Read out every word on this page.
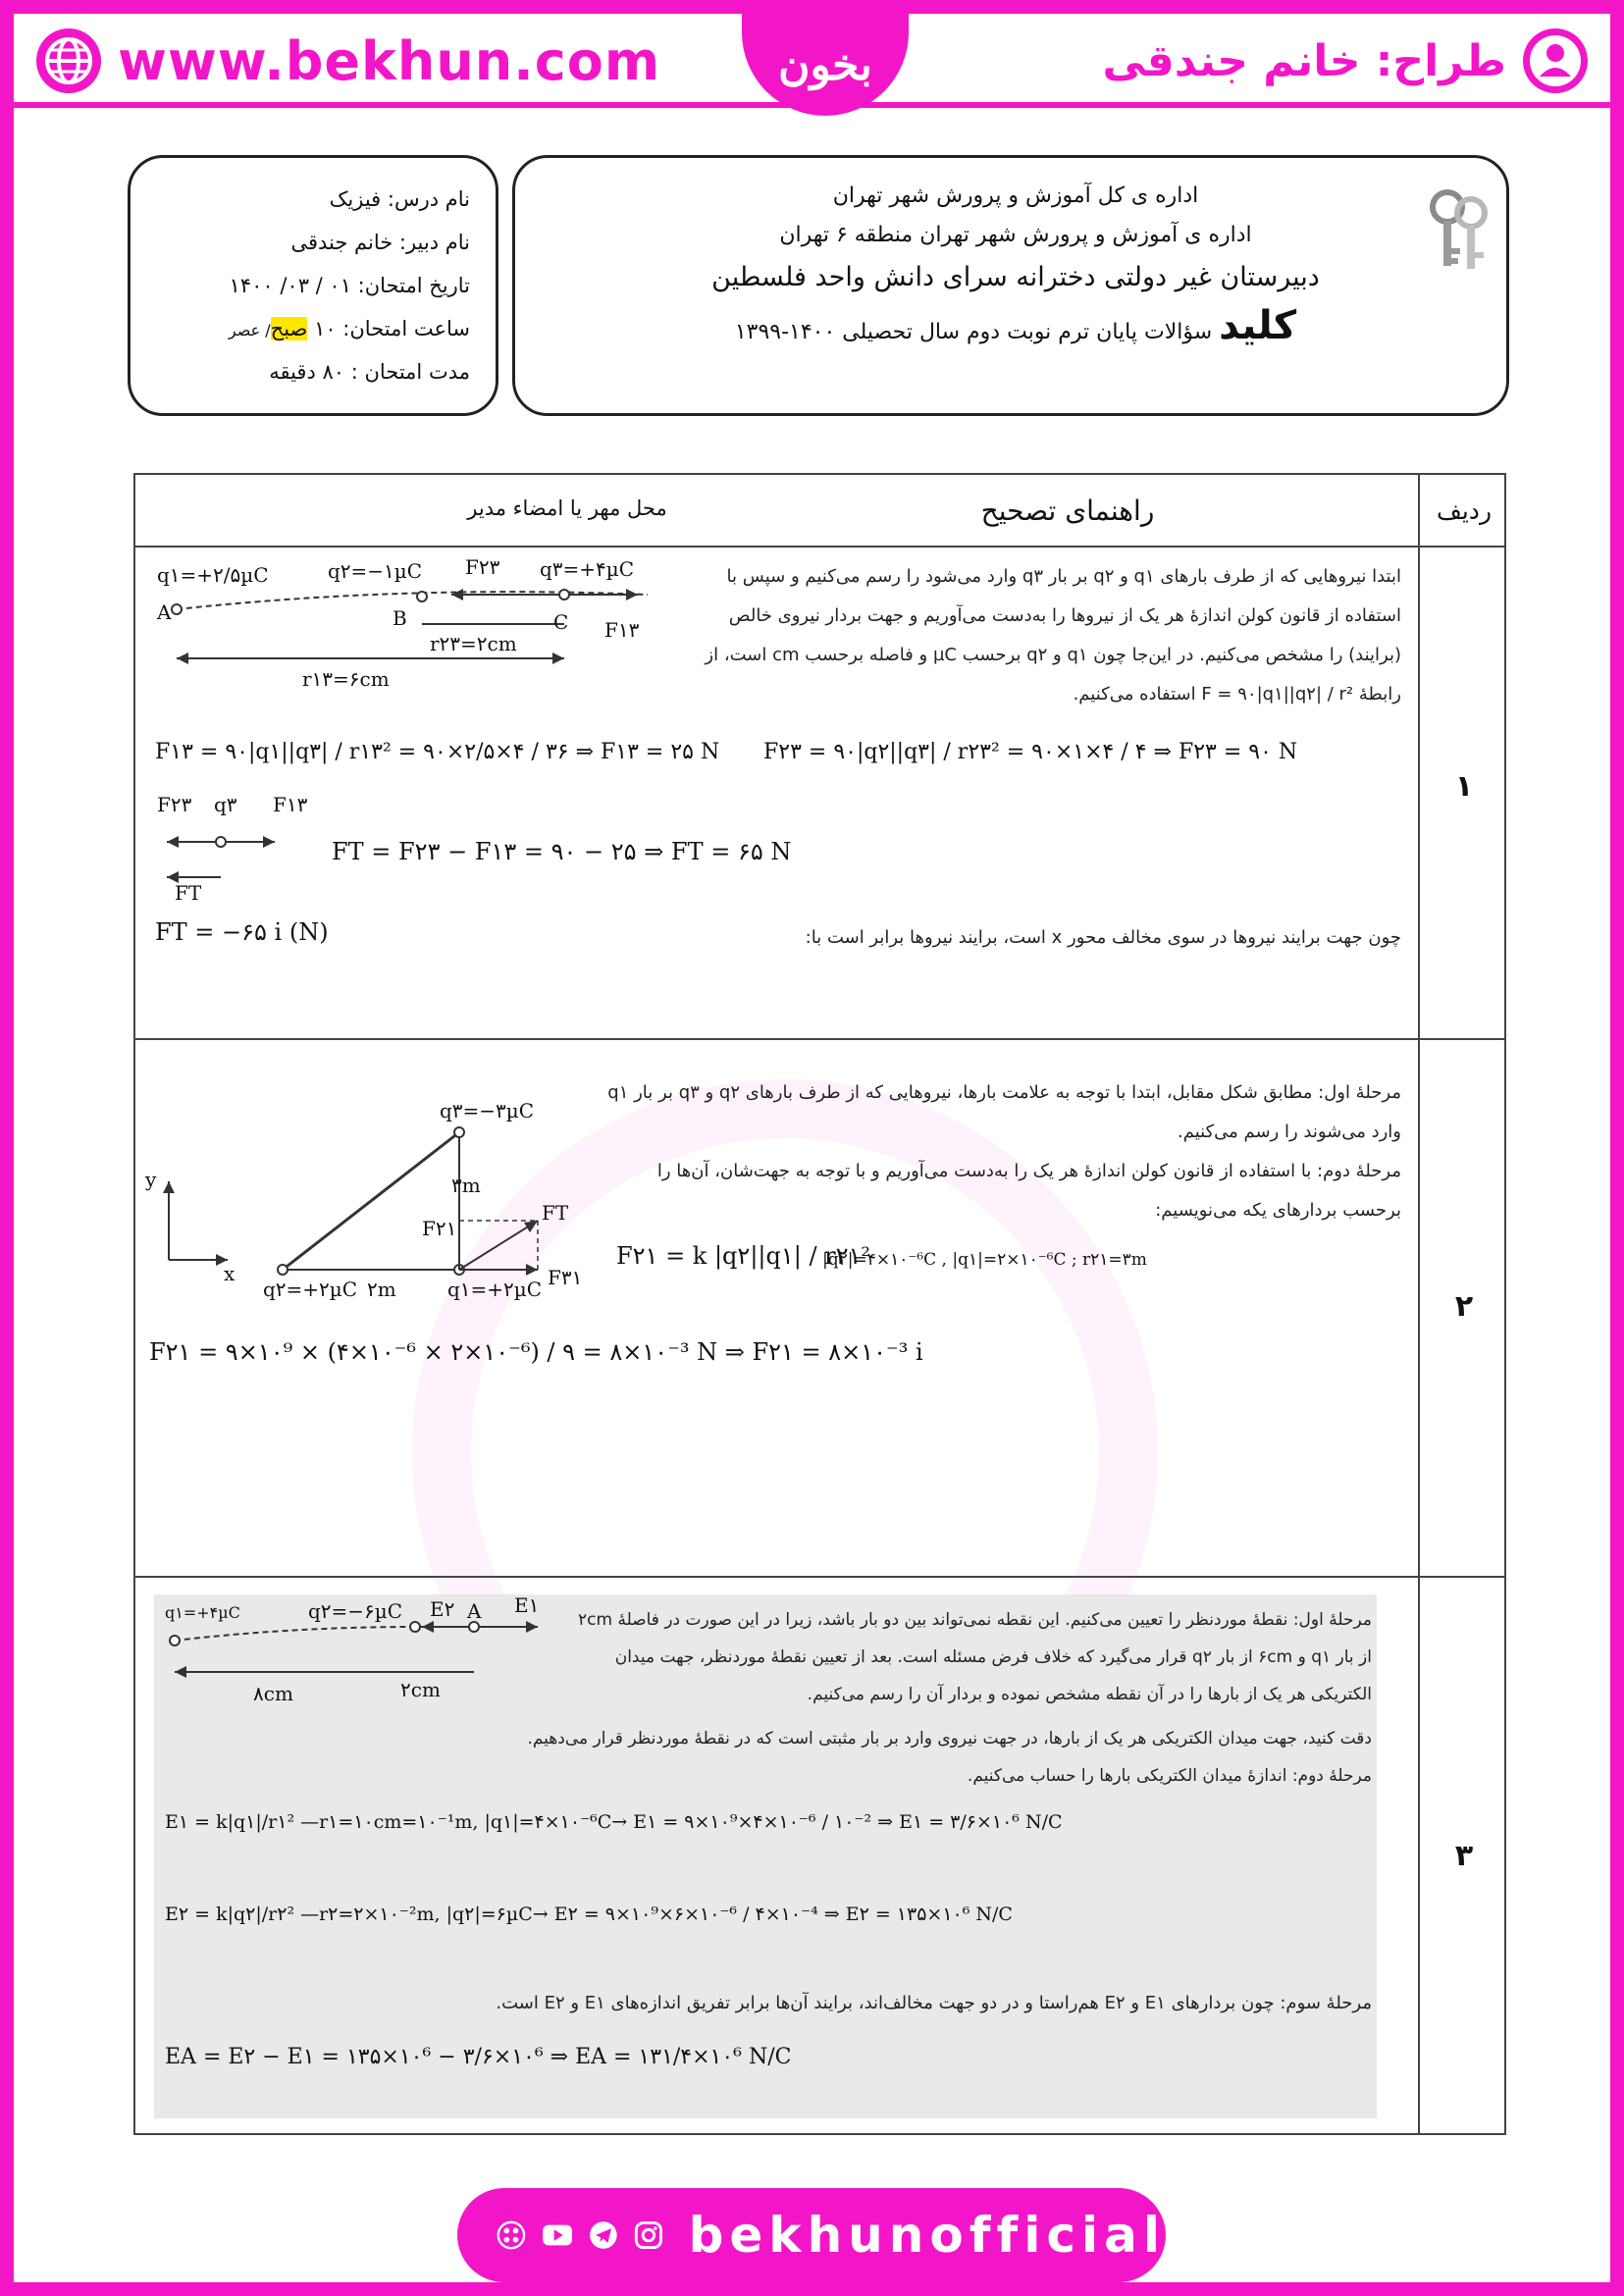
www.bekhun.com	بخون	طراح: خانم جندقی
اداره ی کل آموزش و پرورش شهر تهران
اداره ی آموزش و پرورش شهر تهران منطقه ۶ تهران
دبیرستان غیر دولتی دخترانه سرای دانش واحد فلسطین
کلید سؤالات پایان ترم نوبت دوم سال تحصیلی ۱۴۰۰-۱۳۹۹
نام درس: فیزیک
نام دبیر: خانم جندقی
تاریخ امتحان: ۰۱ / ۰۳/ ۱۴۰۰
ساعت امتحان: ۱۰ صبح/ عصر
مدت امتحان : ۸۰ دقیقه
ردیف
راهنمای تصحیح
محل مهر یا امضاء مدیر
۱
q۱=+۲/۵µC
A
q۲=−۱µC F۲۳ q۳=+۴µC
B	C F۱۳
r۲۳=۲cm
r۱۳=۶cm
ابتدا نیروهایی که از طرف بارهای q۱ و q۲ بر بار q۳ وارد می‌شود را رسم می‌کنیم و سپس با استفاده از قانون کولن اندازهٔ هر یک از نیروها را به‌دست می‌آوریم و جهت بردار نیروی خالص (برایند) را مشخص می‌کنیم. در این‌جا چون q۱ و q۲ برحسب µC و فاصله برحسب cm است، از رابطهٔ F = ۹۰|q۱||q۲| / r² استفاده می‌کنیم.
F۱۳ = ۹۰|q۱||q۳| / r۱۳² = ۹۰×۲/۵×۴ / ۳۶ ⇒ F۱۳ = ۲۵ N F۲۳ = ۹۰|q۲||q۳| / r۲۳² = ۹۰×۱×۴ / ۴ ⇒ F۲۳ = ۹۰ N
F۲۳ q۳ F۱۳
FT
FT = F۲۳ − F۱۳ = ۹۰ − ۲۵ ⇒ FT = ۶۵ N
FT = −۶۵ i (N)	چون جهت برایند نیروها در سوی مخالف محور x است، برایند نیروها برابر است با:
۲
y
x
q۳=−۳µC
۳m
F۲۱
FT
F۳۱
q۲=+۲µC ۲m	q۱=+۲µC
مرحلهٔ اول: مطابق شکل مقابل، ابتدا با توجه به علامت بارها، نیروهایی که از طرف بارهای q۲ و q۳ بر بار q۱ وارد می‌شوند را رسم می‌کنیم.
مرحلهٔ دوم: با استفاده از قانون کولن اندازهٔ هر یک را به‌دست می‌آوریم و با توجه به جهت‌شان، آن‌ها را برحسب بردارهای یکه می‌نویسیم:
F۲۱ = k |q۲||q۱| / r۲۱²
|q۲|=۴×۱۰⁻⁶C , |q۱|=۲×۱۰⁻⁶C ; r۲۱=۳m
F۲۱ = ۹×۱۰⁹ × (۴×۱۰⁻⁶ × ۲×۱۰⁻⁶) / ۹ = ۸×۱۰⁻³ N ⇒ F۲۱ = ۸×۱۰⁻³ i
۳
q۱=+۴µC	q۲=−۶µC E۲ A E۱
۸cm	۲cm
مرحلهٔ اول: نقطهٔ موردنظر را تعیین می‌کنیم. این نقطه نمی‌تواند بین دو بار باشد، زیرا در این صورت در فاصلهٔ ۲cm از بار q۱ و ۶cm از بار q۲ قرار می‌گیرد که خلاف فرض مسئله است. بعد از تعیین نقطهٔ موردنظر، جهت میدان الکتریکی هر یک از بارها را در آن نقطه مشخص نموده و بردار آن را رسم می‌کنیم.
دقت کنید، جهت میدان الکتریکی هر یک از بارها، در جهت نیروی وارد بر بار مثبتی است که در نقطهٔ موردنظر قرار می‌دهیم.
مرحلهٔ دوم: اندازهٔ میدان الکتریکی بارها را حساب می‌کنیم.
E۱ = k|q۱|/r۱² —r۱=۱۰cm=۱۰⁻¹m, |q۱|=۴×۱۰⁻⁶C→ E۱ = ۹×۱۰⁹×۴×۱۰⁻⁶ / ۱۰⁻² ⇒ E۱ = ۳/۶×۱۰⁶ N/C
E۲ = k|q۲|/r۲² —r۲=۲×۱۰⁻²m, |q۲|=۶µC→ E۲ = ۹×۱۰⁹×۶×۱۰⁻⁶ / ۴×۱۰⁻⁴ ⇒ E۲ = ۱۳۵×۱۰⁶ N/C
مرحلهٔ سوم: چون بردارهای E۱ و E۲ هم‌راستا و در دو جهت مخالف‌اند، برایند آن‌ها برابر تفریق اندازه‌های E۱ و E۲ است.
EA = E۲ − E۱ = ۱۳۵×۱۰⁶ − ۳/۶×۱۰⁶ ⇒ EA = ۱۳۱/۴×۱۰⁶ N/C
bekhunofficial
